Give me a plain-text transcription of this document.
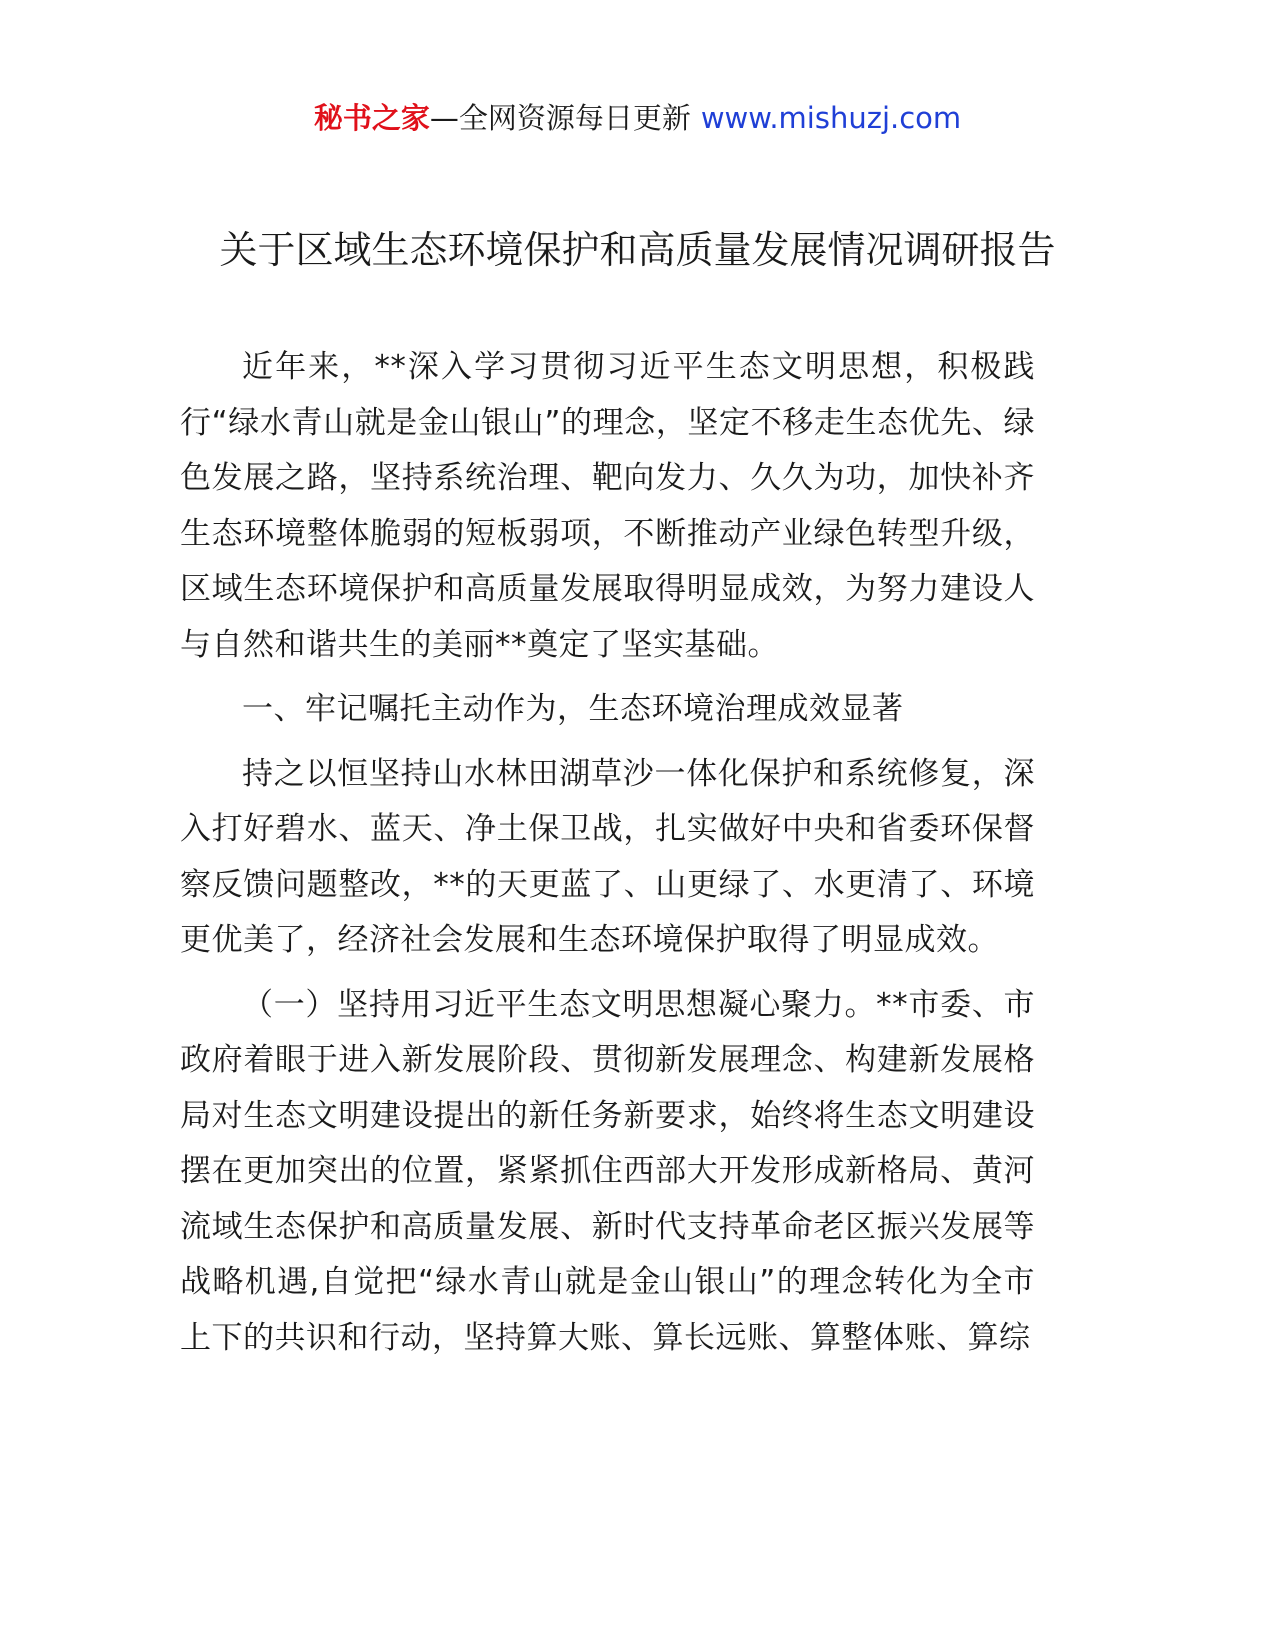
秘书之家—全网资源每日更新 www.mishuzj.com
关于区域生态环境保护和高质量发展情况调研报告

近年来，**深入学习贯彻习近平生态文明思想，积极践行“绿水青山就是金山银山”的理念，坚定不移走生态优先、绿色发展之路，坚持系统治理、靶向发力、久久为功，加快补齐生态环境整体脆弱的短板弱项，不断推动产业绿色转型升级，区域生态环境保护和高质量发展取得明显成效，为努力建设人与自然和谐共生的美丽**奠定了坚实基础。

一、牢记嘱托主动作为，生态环境治理成效显著

持之以恒坚持山水林田湖草沙一体化保护和系统修复，深入打好碧水、蓝天、净土保卫战，扎实做好中央和省委环保督察反馈问题整改，**的天更蓝了、山更绿了、水更清了、环境更优美了，经济社会发展和生态环境保护取得了明显成效。

（一）坚持用习近平生态文明思想凝心聚力。**市委、市政府着眼于进入新发展阶段、贯彻新发展理念、构建新发展格局对生态文明建设提出的新任务新要求，始终将生态文明建设摆在更加突出的位置，紧紧抓住西部大开发形成新格局、黄河流域生态保护和高质量发展、新时代支持革命老区振兴发展等战略机遇,自觉把“绿水青山就是金山银山”的理念转化为全市上下的共识和行动，坚持算大账、算长远账、算整体账、算综
